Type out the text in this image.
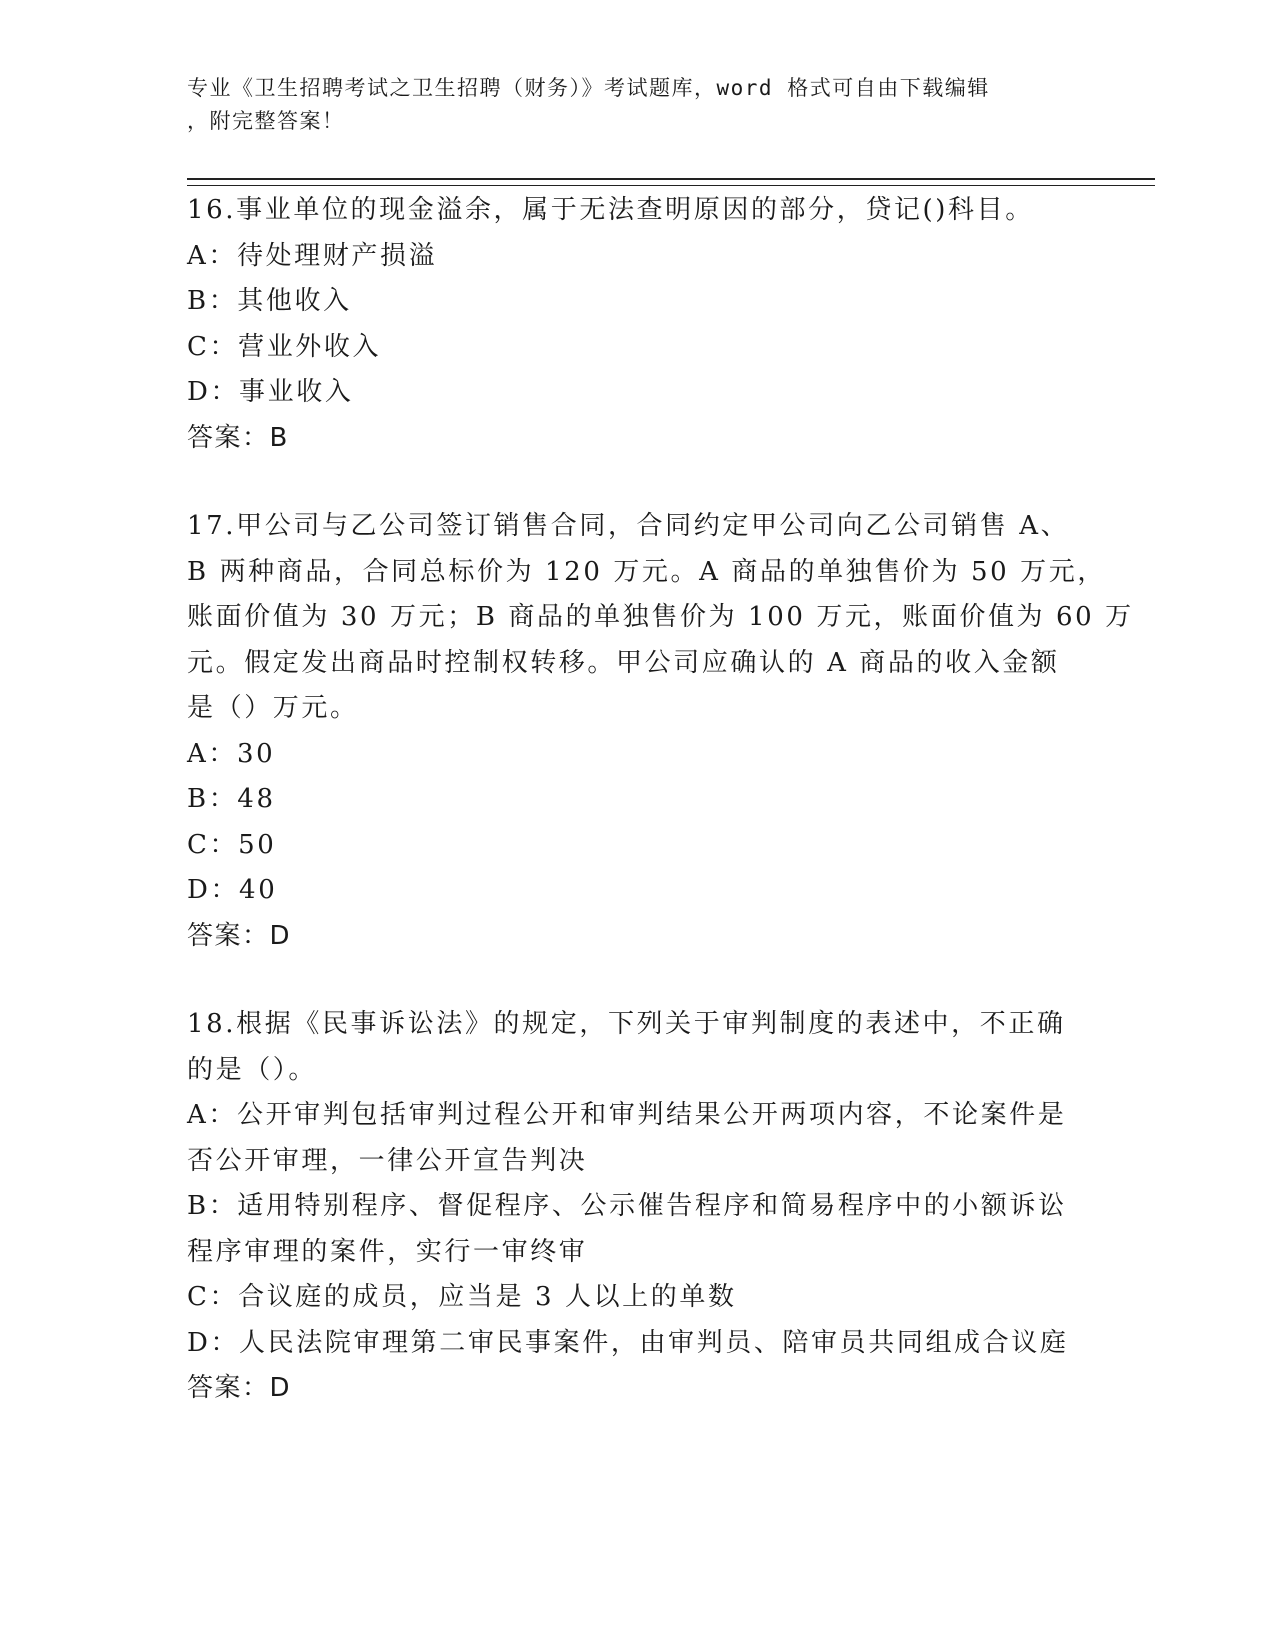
专业《卫生招聘考试之卫生招聘（财务）》考试题库，word 格式可自由下载编辑
，附完整答案！
16.事业单位的现金溢余，属于无法查明原因的部分，贷记()科目。
A：待处理财产损溢
B：其他收入
C：营业外收入
D：事业收入
答案：B
17.甲公司与乙公司签订销售合同，合同约定甲公司向乙公司销售 A、
B 两种商品，合同总标价为 120 万元。A 商品的单独售价为 50 万元，
账面价值为 30 万元；B 商品的单独售价为 100 万元，账面价值为 60 万
元。假定发出商品时控制权转移。甲公司应确认的 A 商品的收入金额
是（）万元。
A：30
B：48
C：50
D：40
答案：D
18.根据《民事诉讼法》的规定，下列关于审判制度的表述中，不正确
的是（）。
A：公开审判包括审判过程公开和审判结果公开两项内容，不论案件是
否公开审理，一律公开宣告判决
B：适用特别程序、督促程序、公示催告程序和简易程序中的小额诉讼
程序审理的案件，实行一审终审
C：合议庭的成员，应当是 3 人以上的单数
D：人民法院审理第二审民事案件，由审判员、陪审员共同组成合议庭
答案：D
